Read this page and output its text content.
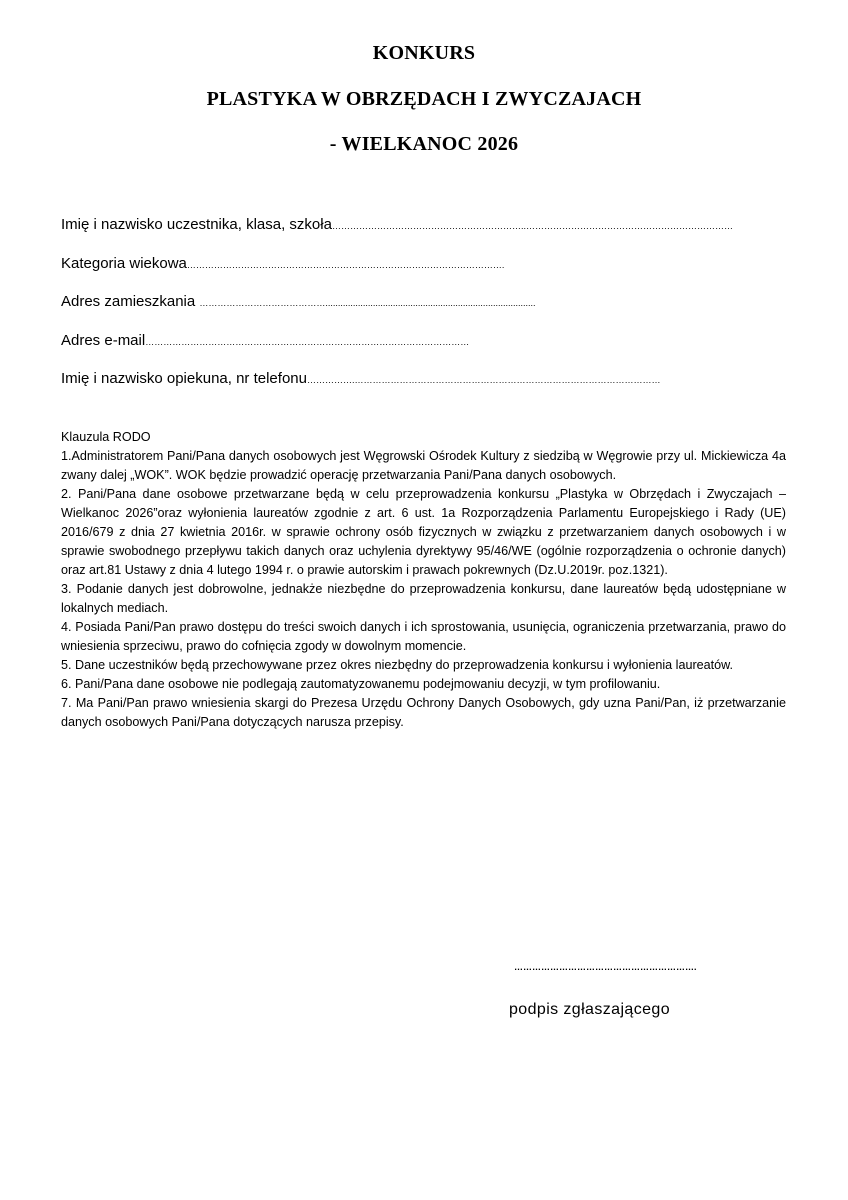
KONKURS
PLASTYKA W OBRZĘDACH I ZWYCZAJACH
- WIELKANOC 2026
Imię i nazwisko uczestnika, klasa, szkoła………………………………………………………..……………………………………………………………
Kategoria wiekowa…………………………………………………………………………………………….
Adres zamieszkania ……………………………………....................................................................................
Adres e-mail………………………………………………………………………………………………
Imię i nazwisko opiekuna, nr telefonu…………….…………………………………………………………………………………………
Klauzula RODO
1.Administratorem Pani/Pana danych osobowych jest Węgrowski Ośrodek Kultury z siedzibą w Węgrowie przy ul. Mickiewicza 4a zwany dalej „WOK”. WOK będzie prowadzić operację przetwarzania Pani/Pana danych osobowych.
2. Pani/Pana dane osobowe przetwarzane będą w celu przeprowadzenia konkursu „Plastyka w Obrzędach i Zwyczajach – Wielkanoc 2026”oraz wyłonienia laureatów zgodnie z art. 6 ust. 1a Rozporządzenia Parlamentu Europejskiego i Rady (UE) 2016/679 z dnia 27 kwietnia 2016r. w sprawie ochrony osób fizycznych w związku z przetwarzaniem danych osobowych i w sprawie swobodnego przepływu takich danych oraz uchylenia dyrektywy 95/46/WE (ogólnie rozporządzenia o ochronie danych) oraz art.81 Ustawy z dnia 4 lutego 1994 r. o prawie autorskim i prawach pokrewnych (Dz.U.2019r. poz.1321).
3. Podanie danych jest dobrowolne, jednakże niezbędne do przeprowadzenia konkursu, dane laureatów będą udostępniane w lokalnych mediach.
4. Posiada Pani/Pan prawo dostępu do treści swoich danych i ich sprostowania, usunięcia, ograniczenia przetwarzania, prawo do wniesienia sprzeciwu, prawo do cofnięcia zgody w dowolnym momencie.
5. Dane uczestników będą przechowywane przez okres niezbędny do przeprowadzenia konkursu i wyłonienia laureatów.
6. Pani/Pana dane osobowe nie podlegają zautomatyzowanemu podejmowaniu decyzji, w tym profilowaniu.
7. Ma Pani/Pan prawo wniesienia skargi do Prezesa Urzędu Ochrony Danych Osobowych, gdy uzna Pani/Pan, iż przetwarzanie danych osobowych Pani/Pana dotyczących narusza przepisy.
…………………………………………………….
podpis zgłaszającego
